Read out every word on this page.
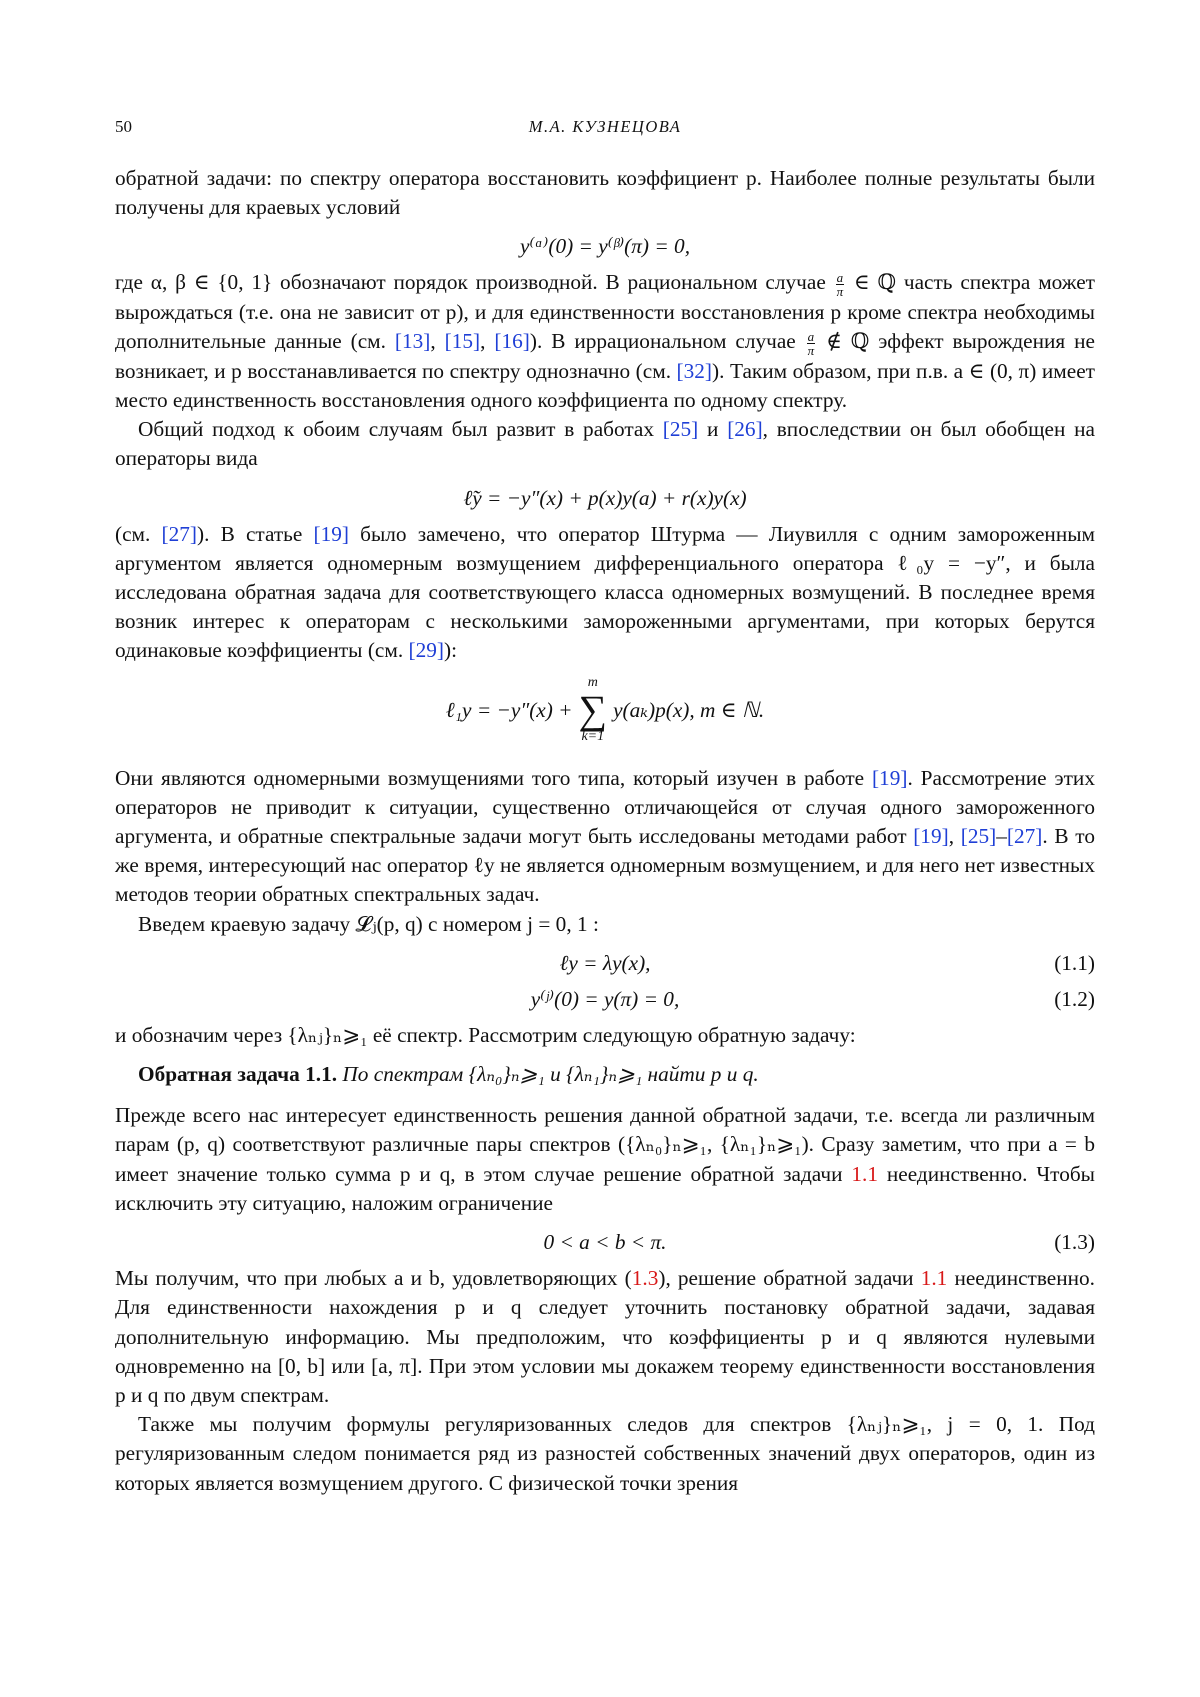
50	М.А. КУЗНЕЦОВА

обратной задачи: по спектру оператора восстановить коэффициент p. Наиболее полные результаты были получены для краевых условий

y⁽ᵅ⁾(0) = y⁽ᵝ⁾(π) = 0,

где α, β ∈ {0, 1} обозначают порядок производной. В рациональном случае $\frac{a}{\pi}$ ∈ ℚ часть спектра может вырождаться (т.е. она не зависит от p), и для единственности восстановления p кроме спектра необходимы дополнительные данные (см. [13], [15], [16]). В иррациональном случае $\frac{a}{\pi}$ ∉ ℚ эффект вырождения не возникает, и p восстанавливается по спектру однозначно (см. [32]). Таким образом, при п.в. a ∈ (0, π) имеет место единственность восстановления одного коэффициента по одному спектру.

Общий подход к обоим случаям был развит в работах [25] и [26], впоследствии он был обобщен на операторы вида

ℓ̃y = −y″(x) + p(x)y(a) + r(x)y(x)

(см. [27]). В статье [19] было замечено, что оператор Штурма — Лиувилля с одним замороженным аргументом является одномерным возмущением дифференциального оператора ℓ₀y = −y″, и была исследована обратная задача для соответствующего класса одномерных возмущений. В последнее время возник интерес к операторам с несколькими замороженными аргументами, при которых берутся одинаковые коэффициенты (см. [29]):

ℓ₁y = −y″(x) +
m
∑
k=1
y(aₖ)p(x), m ∈ ℕ.

Они являются одномерными возмущениями того типа, который изучен в работе [19]. Рассмотрение этих операторов не приводит к ситуации, существенно отличающейся от случая одного замороженного аргумента, и обратные спектральные задачи могут быть исследованы методами работ [19], [25]–[27]. В то же время, интересующий нас оператор ℓy не является одномерным возмущением, и для него нет известных методов теории обратных спектральных задач.

Введем краевую задачу 𝓛ⱼ(p, q) с номером j = 0, 1 :

ℓy = λy(x),	(1.1)
y⁽ʲ⁾(0) = y(π) = 0,	(1.2)

и обозначим через {λₙⱼ}ₙ⩾₁ её спектр. Рассмотрим следующую обратную задачу:

Обратная задача 1.1. По спектрам {λₙ₀}ₙ⩾₁ и {λₙ₁}ₙ⩾₁ найти p и q.

Прежде всего нас интересует единственность решения данной обратной задачи, т.е. всегда ли различным парам (p, q) соответствуют различные пары спектров ({λₙ₀}ₙ⩾₁, {λₙ₁}ₙ⩾₁). Сразу заметим, что при a = b имеет значение только сумма p и q, в этом случае решение обратной задачи 1.1 неединственно. Чтобы исключить эту ситуацию, наложим ограничение

0 < a < b < π.	(1.3)

Мы получим, что при любых a и b, удовлетворяющих (1.3), решение обратной задачи 1.1 неединственно. Для единственности нахождения p и q следует уточнить постановку обратной задачи, задавая дополнительную информацию. Мы предположим, что коэффициенты p и q являются нулевыми одновременно на [0, b] или [a, π]. При этом условии мы докажем теорему единственности восстановления p и q по двум спектрам.

Также мы получим формулы регуляризованных следов для спектров {λₙⱼ}ₙ⩾₁, j = 0, 1. Под регуляризованным следом понимается ряд из разностей собственных значений двух операторов, один из которых является возмущением другого. С физической точки зрения
